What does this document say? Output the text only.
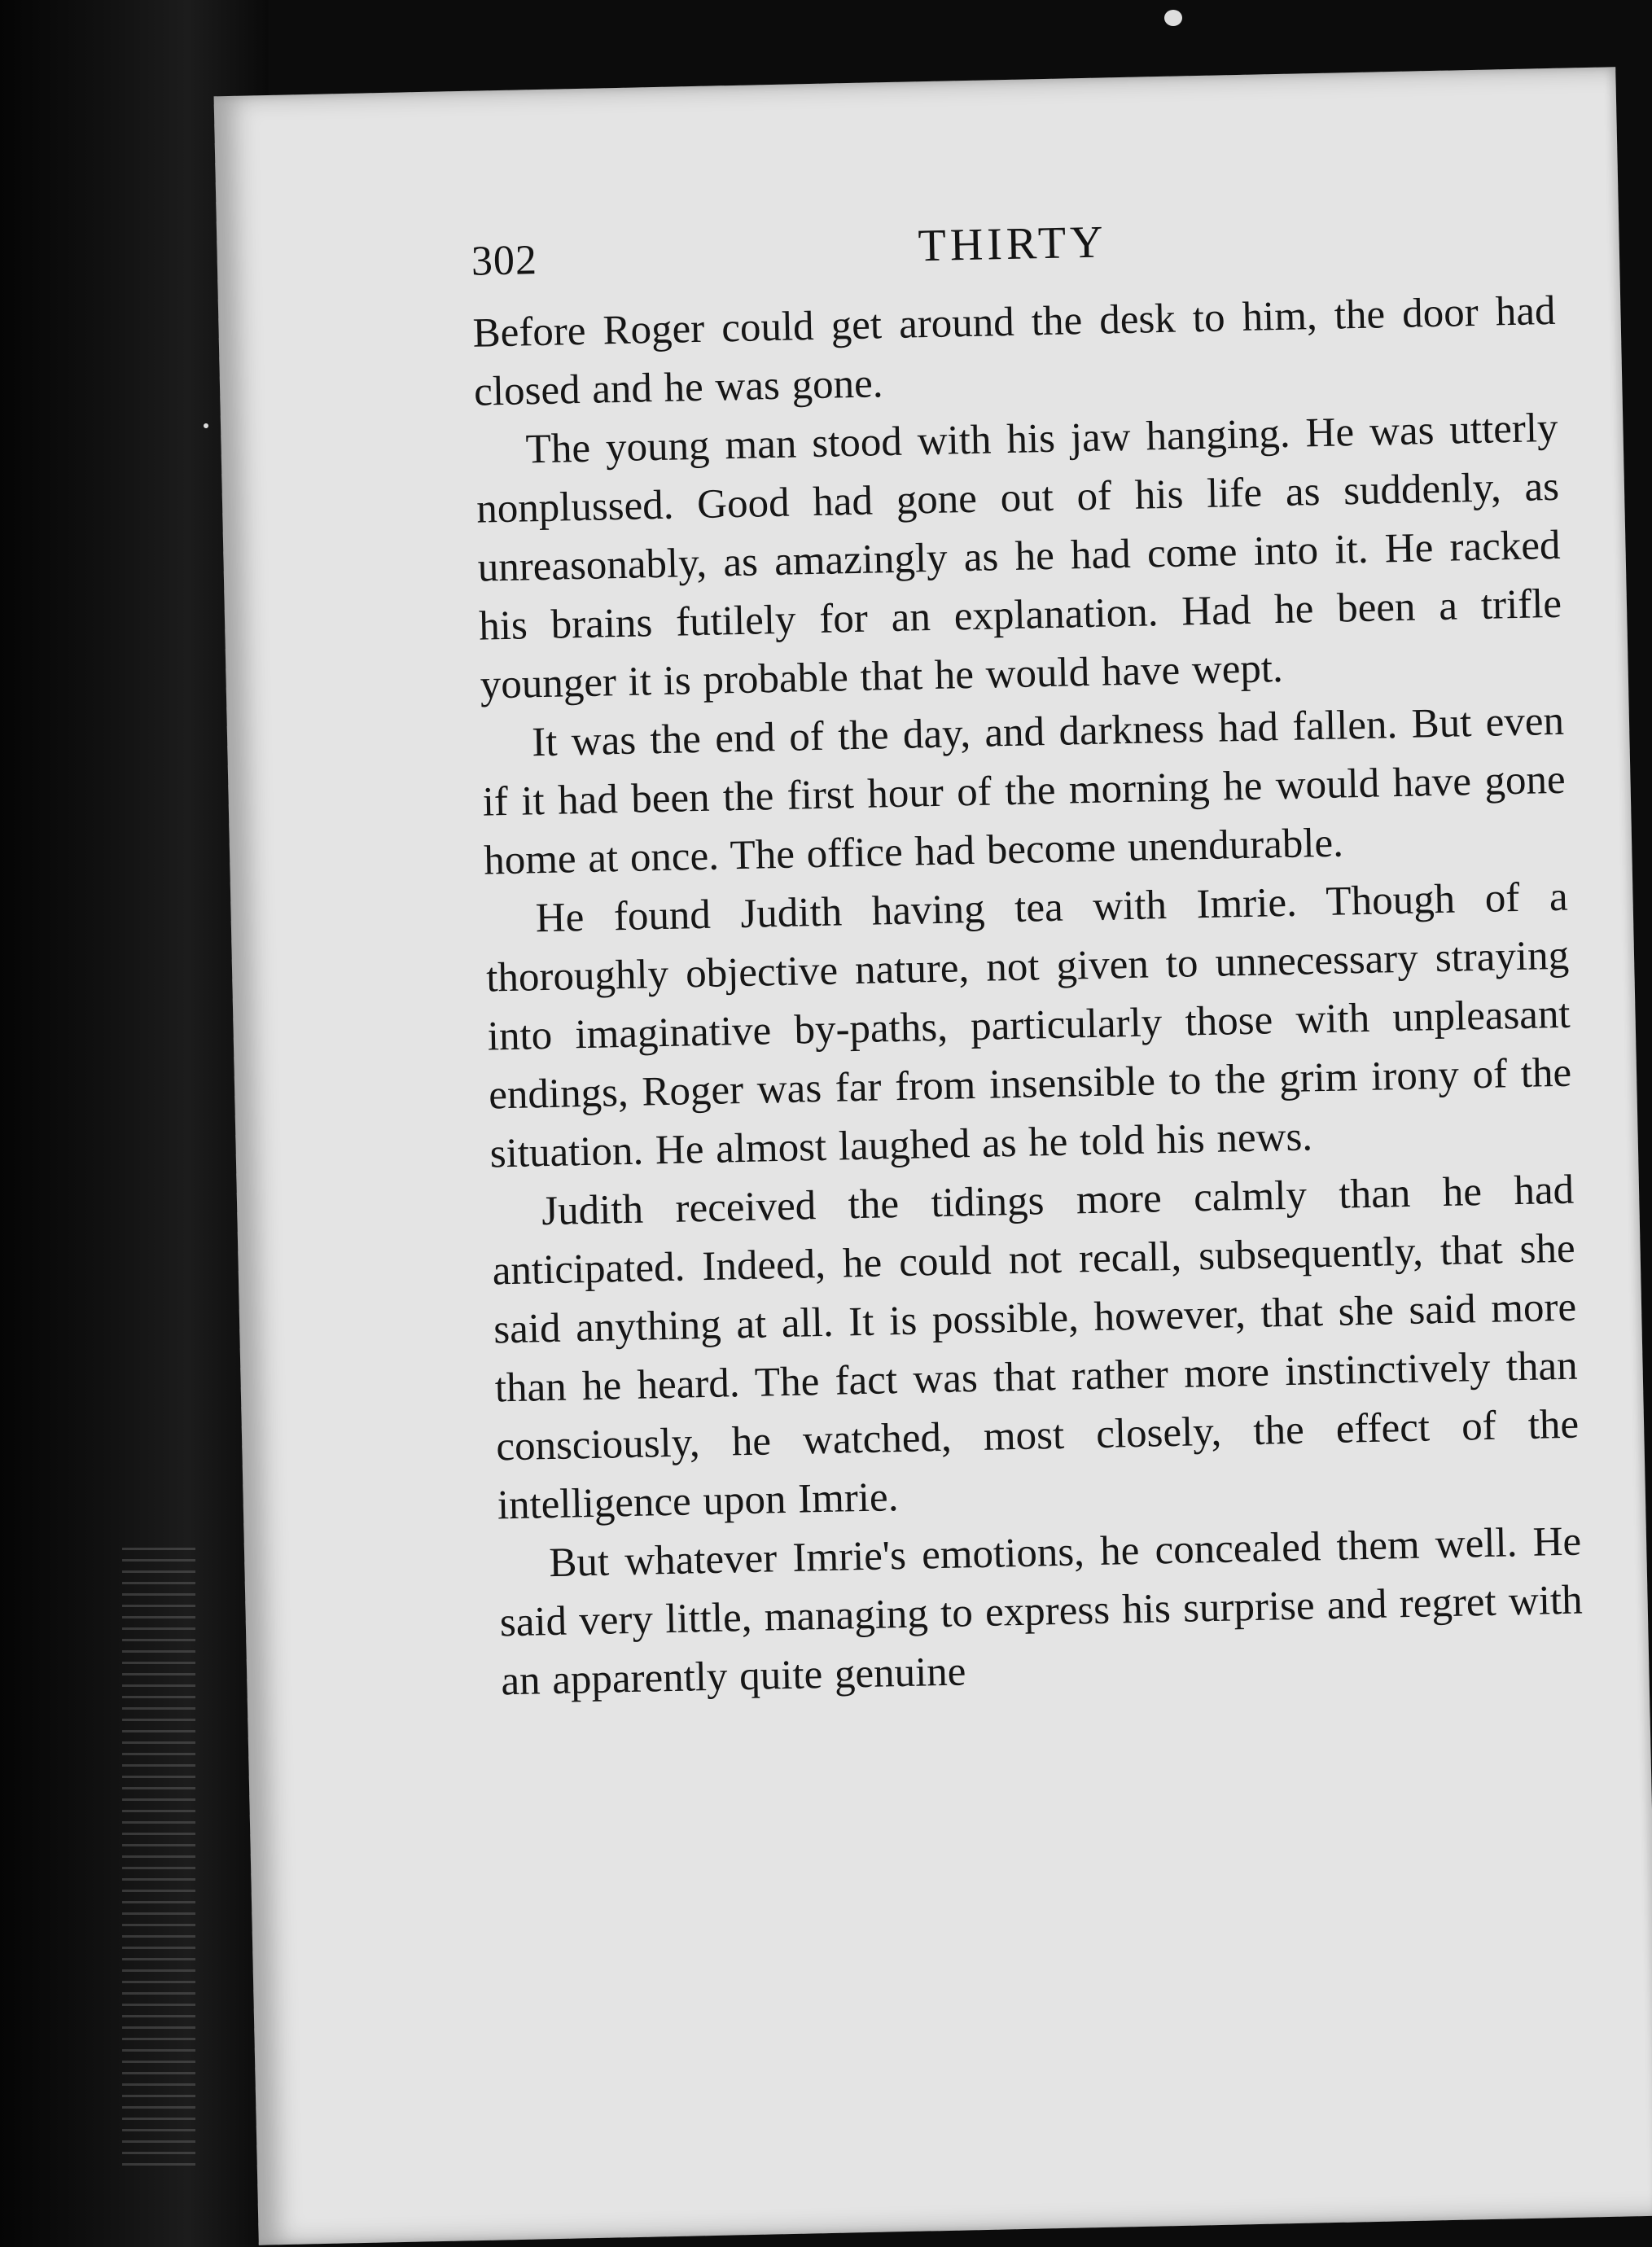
302	THIRTY

Before Roger could get around the desk to him, the door had closed and he was gone.

The young man stood with his jaw hanging. He was utterly nonplussed. Good had gone out of his life as suddenly, as unreasonably, as amazingly as he had come into it. He racked his brains futilely for an explanation. Had he been a trifle younger it is probable that he would have wept.

It was the end of the day, and darkness had fallen. But even if it had been the first hour of the morning he would have gone home at once. The office had become unendurable.

He found Judith having tea with Imrie. Though of a thoroughly objective nature, not given to unnecessary straying into imaginative by-paths, particularly those with unpleasant endings, Roger was far from insensible to the grim irony of the situation. He almost laughed as he told his news.

Judith received the tidings more calmly than he had anticipated. Indeed, he could not recall, subsequently, that she said anything at all. It is possible, however, that she said more than he heard. The fact was that rather more instinctively than consciously, he watched, most closely, the effect of the intelligence upon Imrie.

But whatever Imrie's emotions, he concealed them well. He said very little, managing to express his surprise and regret with an apparently quite genuine
